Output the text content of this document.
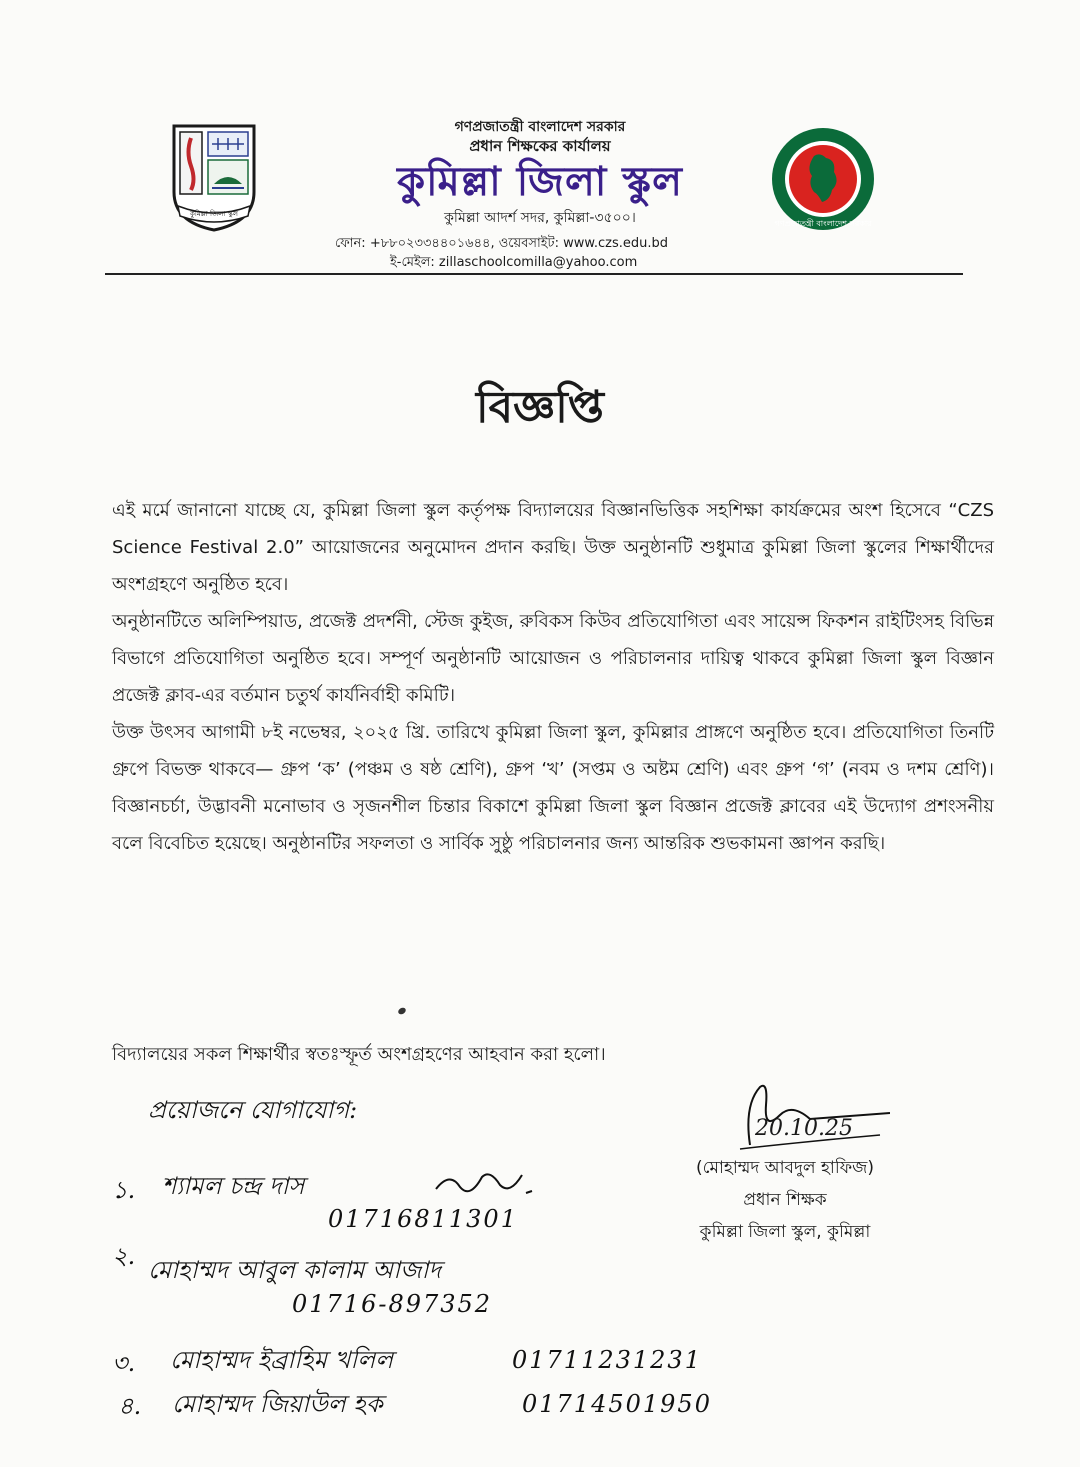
কুমিল্লা জিলা স্কুল
গণপ্রজাতন্ত্রী বাংলাদেশ সরকার
গণপ্রজাতন্ত্রী বাংলাদেশ সরকার
প্রধান শিক্ষকের কার্যালয়
কুমিল্লা জিলা স্কুল
কুমিল্লা আদর্শ সদর, কুমিল্লা-৩৫০০।
ফোন: +৮৮০২৩৩৪৪০১৬৪৪, ওয়েবসাইট: www.czs.edu.bd
ই-মেইল: zillaschoolcomilla@yahoo.com
বিজ্ঞপ্তি

এই মর্মে জানানো যাচ্ছে যে, কুমিল্লা জিলা স্কুল কর্তৃপক্ষ বিদ্যালয়ের বিজ্ঞানভিত্তিক সহশিক্ষা কার্যক্রমের অংশ হিসেবে “CZS Science Festival 2.0” আয়োজনের অনুমোদন প্রদান করছি। উক্ত অনুষ্ঠানটি শুধুমাত্র কুমিল্লা জিলা স্কুলের শিক্ষার্থীদের অংশগ্রহণে অনুষ্ঠিত হবে।

অনুষ্ঠানটিতে অলিম্পিয়াড, প্রজেক্ট প্রদর্শনী, স্টেজ কুইজ, রুবিকস কিউব প্রতিযোগিতা এবং সায়েন্স ফিকশন রাইটিংসহ বিভিন্ন বিভাগে প্রতিযোগিতা অনুষ্ঠিত হবে। সম্পূর্ণ অনুষ্ঠানটি আয়োজন ও পরিচালনার দায়িত্ব থাকবে কুমিল্লা জিলা স্কুল বিজ্ঞান প্রজেক্ট ক্লাব-এর বর্তমান চতুর্থ কার্যনির্বাহী কমিটি।

উক্ত উৎসব আগামী ৮ই নভেম্বর, ২০২৫ খ্রি. তারিখে কুমিল্লা জিলা স্কুল, কুমিল্লার প্রাঙ্গণে অনুষ্ঠিত হবে। প্রতিযোগিতা তিনটি গ্রুপে বিভক্ত থাকবে— গ্রুপ ‘ক’ (পঞ্চম ও ষষ্ঠ শ্রেণি), গ্রুপ ‘খ’ (সপ্তম ও অষ্টম শ্রেণি) এবং গ্রুপ ‘গ’ (নবম ও দশম শ্রেণি)। বিজ্ঞানচর্চা, উদ্ভাবনী মনোভাব ও সৃজনশীল চিন্তার বিকাশে কুমিল্লা জিলা স্কুল বিজ্ঞান প্রজেক্ট ক্লাবের এই উদ্যোগ প্রশংসনীয় বলে বিবেচিত হয়েছে। অনুষ্ঠানটির সফলতা ও সার্বিক সুষ্ঠু পরিচালনার জন্য আন্তরিক শুভকামনা জ্ঞাপন করছি।

বিদ্যালয়ের সকল শিক্ষার্থীর স্বতঃস্ফূর্ত অংশগ্রহণের আহবান করা হলো।
প্রয়োজনে যোগাযোগ:
১. শ্যামল চন্দ্র দাস
01716811301
২. মোহাম্মদ আবুল কালাম আজাদ
01716-897352
৩. মোহাম্মদ ইব্রাহিম খলিল	01711231231
৪. মোহাম্মদ জিয়াউল হক	01714501950
20.10.25
(মোহাম্মদ আবদুল হাফিজ)
প্রধান শিক্ষক
কুমিল্লা জিলা স্কুল, কুমিল্লা
